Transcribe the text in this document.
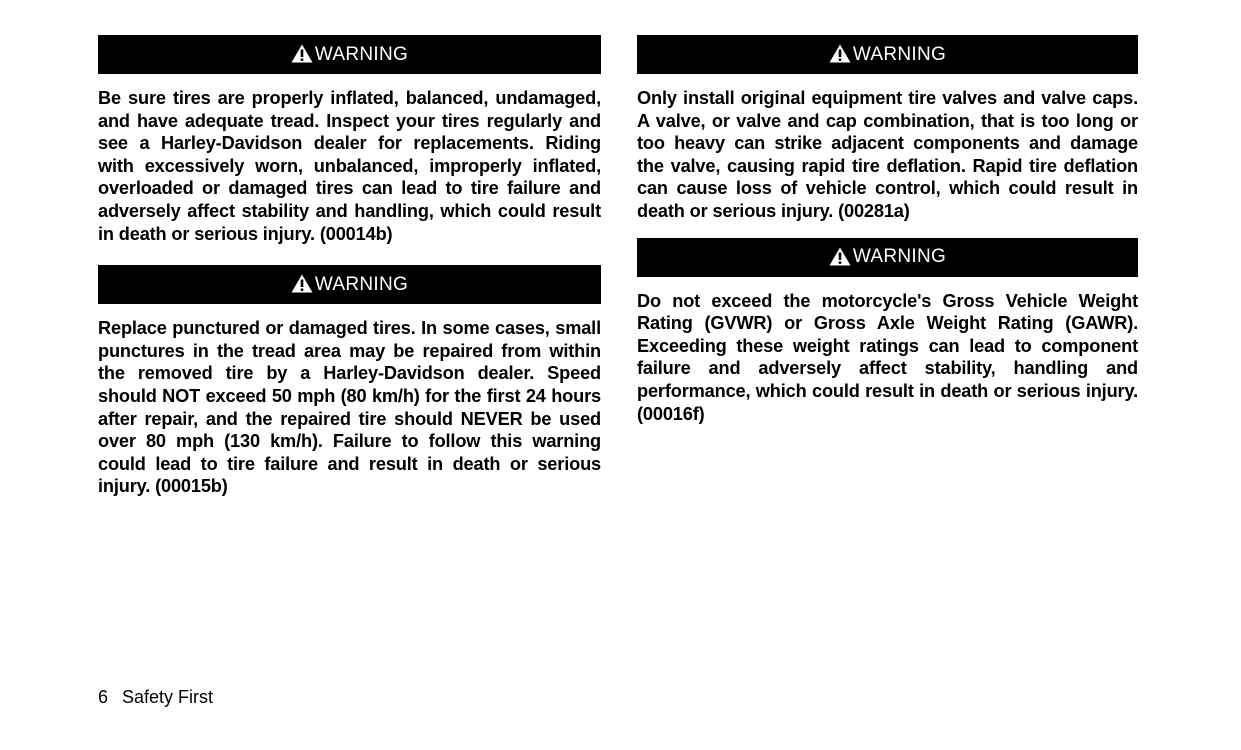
WARNING

Be sure tires are properly inflated, balanced, undamaged, and have adequate tread. Inspect your tires regularly and see a Harley-Davidson dealer for replacements. Riding with excessively worn, unbalanced, improperly inflated, overloaded or damaged tires can lead to tire failure and adversely affect stability and handling, which could result in death or serious injury. (00014b)

WARNING

Replace punctured or damaged tires. In some cases, small punctures in the tread area may be repaired from within the removed tire by a Harley-Davidson dealer. Speed should NOT exceed 50 mph (80 km/h) for the first 24 hours after repair, and the repaired tire should NEVER be used over 80 mph (130 km/h). Failure to follow this warning could lead to tire failure and result in death or serious injury. (00015b)

WARNING

Only install original equipment tire valves and valve caps. A valve, or valve and cap combination, that is too long or too heavy can strike adjacent components and damage the valve, causing rapid tire deflation. Rapid tire deflation can cause loss of vehicle control, which could result in death or serious injury. (00281a)

WARNING

Do not exceed the motorcycle's Gross Vehicle Weight Rating (GVWR) or Gross Axle Weight Rating (GAWR). Exceeding these weight ratings can lead to component failure and adversely affect stability, handling and performance, which could result in death or serious injury. (00016f)

6 Safety First
